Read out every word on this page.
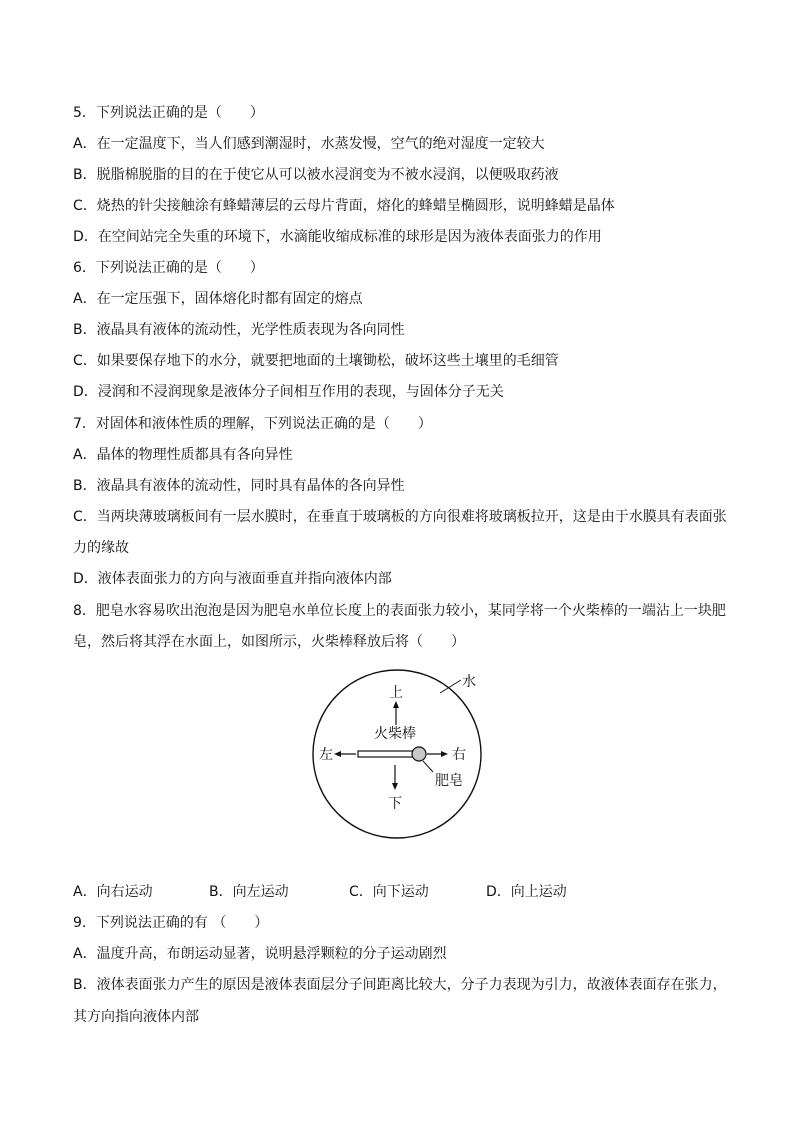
5．下列说法正确的是（　　）
A．在一定温度下，当人们感到潮湿时，水蒸发慢，空气的绝对湿度一定较大
B．脱脂棉脱脂的目的在于使它从可以被水浸润变为不被水浸润，以便吸取药液
C．烧热的针尖接触涂有蜂蜡薄层的云母片背面，熔化的蜂蜡呈椭圆形，说明蜂蜡是晶体
D．在空间站完全失重的环境下，水滴能收缩成标准的球形是因为液体表面张力的作用
6．下列说法正确的是（　　）
A．在一定压强下，固体熔化时都有固定的熔点
B．液晶具有液体的流动性，光学性质表现为各向同性
C．如果要保存地下的水分，就要把地面的土壤锄松，破坏这些土壤里的毛细管
D．浸润和不浸润现象是液体分子间相互作用的表现，与固体分子无关
7．对固体和液体性质的理解，下列说法正确的是（　　）
A．晶体的物理性质都具有各向异性
B．液晶具有液体的流动性，同时具有晶体的各向异性
C．当两块薄玻璃板间有一层水膜时，在垂直于玻璃板的方向很难将玻璃板拉开，这是由于水膜具有表面张
力的缘故
D．液体表面张力的方向与液面垂直并指向液体内部
8．肥皂水容易吹出泡泡是因为肥皂水单位长度上的表面张力较小，某同学将一个火柴棒的一端沾上一块肥
皂，然后将其浮在水面上，如图所示，火柴棒释放后将（　　）
水
上
火柴棒
左	右
肥皂
下
A．向右运动	B．向左运动	C．向下运动	D．向上运动
9．下列说法正确的有 （　　）
A．温度升高，布朗运动显著，说明悬浮颗粒的分子运动剧烈
B．液体表面张力产生的原因是液体表面层分子间距离比较大，分子力表现为引力，故液体表面存在张力，
其方向指向液体内部
